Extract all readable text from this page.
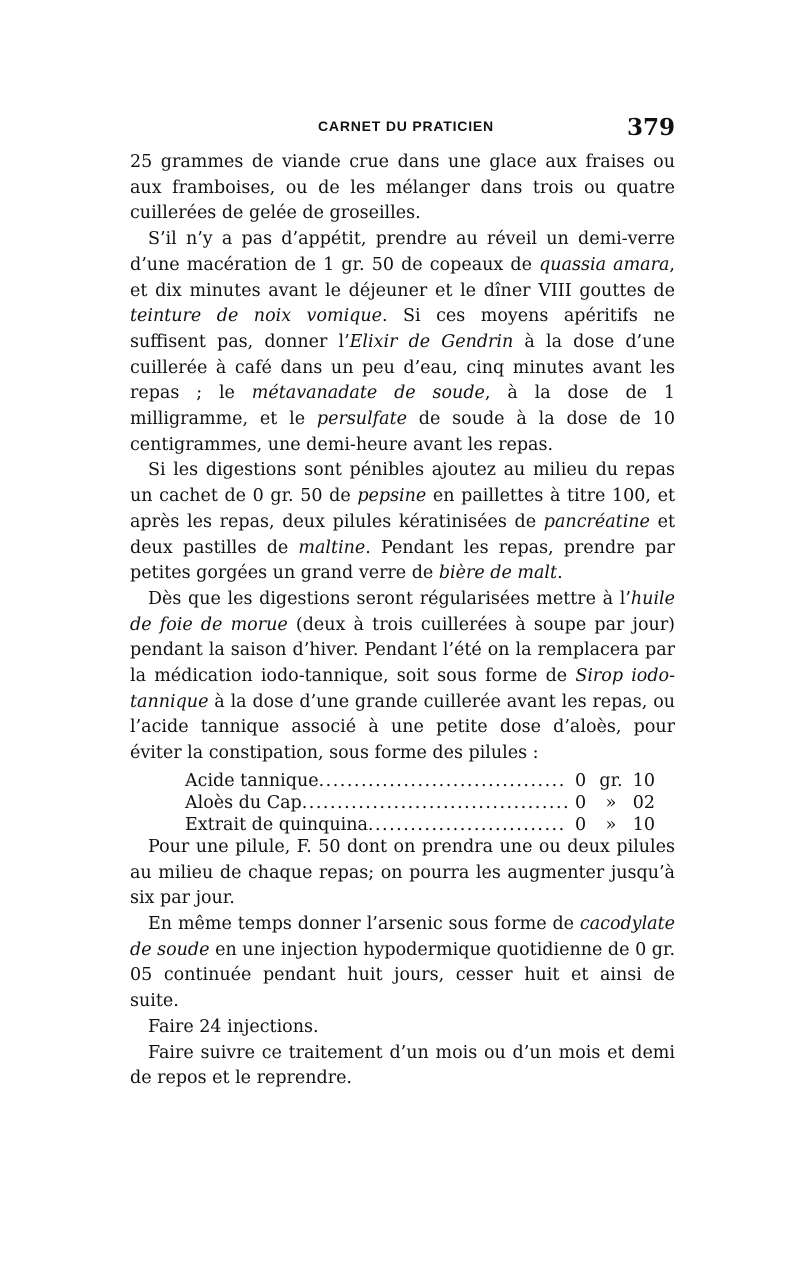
CARNET DU PRATICIEN	379

25 grammes de viande crue dans une glace aux fraises ou aux framboises, ou de les mélanger dans trois ou quatre cuillerées de gelée de groseilles.

S’il n’y a pas d’appétit, prendre au réveil un demi-verre d’une macération de 1 gr. 50 de copeaux de quassia amara, et dix minutes avant le déjeuner et le dîner VIII gouttes de teinture de noix vomique. Si ces moyens apéritifs ne suffisent pas, donner l’Elixir de Gendrin à la dose d’une cuillerée à café dans un peu d’eau, cinq minutes avant les repas ; le métavanadate de soude, à la dose de 1 milligramme, et le persulfate de soude à la dose de 10 centigrammes, une demi-heure avant les repas.

Si les digestions sont pénibles ajoutez au milieu du repas un cachet de 0 gr. 50 de pepsine en paillettes à titre 100, et après les repas, deux pilules kératinisées de pancréatine et deux pastilles de maltine. Pendant les repas, prendre par petites gorgées un grand verre de bière de malt.

Dès que les digestions seront régularisées mettre à l’huile de foie de morue (deux à trois cuillerées à soupe par jour) pendant la saison d’hiver. Pendant l’été on la remplacera par la médication iodo-tannique, soit sous forme de Sirop iodo-tannique à la dose d’une grande cuillerée avant les repas, ou l’acide tannique associé à une petite dose d’aloès, pour éviter la constipation, sous forme des pilules :

Acide tannique .....	0 gr. 10
Aloès du Cap .....	0	» 02
Extrait de quinquina .....	0	» 10

Pour une pilule, F. 50 dont on prendra une ou deux pilules au milieu de chaque repas; on pourra les augmenter jusqu’à six par jour.

En même temps donner l’arsenic sous forme de cacodylate de soude en une injection hypodermique quotidienne de 0 gr. 05 continuée pendant huit jours, cesser huit et ainsi de suite.

Faire 24 injections.

Faire suivre ce traitement d’un mois ou d’un mois et demi de repos et le reprendre.
